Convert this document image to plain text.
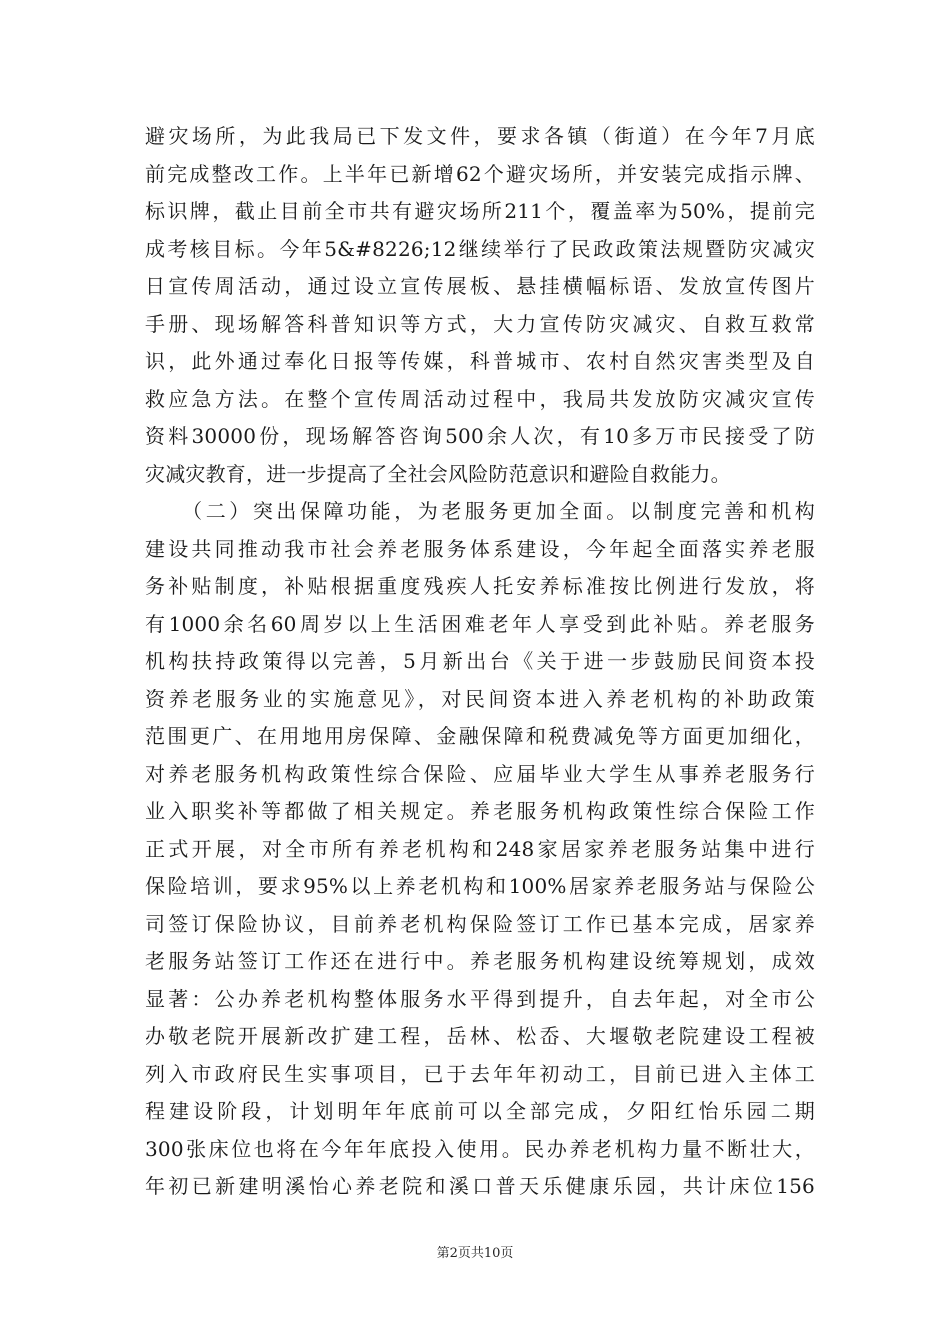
避灾场所，为此我局已下发文件，要求各镇（街道）在今年7月底
前完成整改工作。上半年已新增62个避灾场所，并安装完成指示牌、
标识牌，截止目前全市共有避灾场所211个，覆盖率为50%，提前完
成考核目标。今年5&#8226;12继续举行了民政政策法规暨防灾减灾
日宣传周活动，通过设立宣传展板、悬挂横幅标语、发放宣传图片
手册、现场解答科普知识等方式，大力宣传防灾减灾、自救互救常
识，此外通过奉化日报等传媒，科普城市、农村自然灾害类型及自
救应急方法。在整个宣传周活动过程中，我局共发放防灾减灾宣传
资料30000份，现场解答咨询500余人次，有10多万市民接受了防
灾减灾教育，进一步提高了全社会风险防范意识和避险自救能力。
　　（二）突出保障功能，为老服务更加全面。以制度完善和机构
建设共同推动我市社会养老服务体系建设，今年起全面落实养老服
务补贴制度，补贴根据重度残疾人托安养标准按比例进行发放，将
有1000余名60周岁以上生活困难老年人享受到此补贴。养老服务
机构扶持政策得以完善，5月新出台《关于进一步鼓励民间资本投
资养老服务业的实施意见》，对民间资本进入养老机构的补助政策
范围更广、在用地用房保障、金融保障和税费减免等方面更加细化，
对养老服务机构政策性综合保险、应届毕业大学生从事养老服务行
业入职奖补等都做了相关规定。养老服务机构政策性综合保险工作
正式开展，对全市所有养老机构和248家居家养老服务站集中进行
保险培训，要求95%以上养老机构和100%居家养老服务站与保险公
司签订保险协议，目前养老机构保险签订工作已基本完成，居家养
老服务站签订工作还在进行中。养老服务机构建设统筹规划，成效
显著：公办养老机构整体服务水平得到提升，自去年起，对全市公
办敬老院开展新改扩建工程，岳林、松岙、大堰敬老院建设工程被
列入市政府民生实事项目，已于去年年初动工，目前已进入主体工
程建设阶段，计划明年年底前可以全部完成，夕阳红怡乐园二期
300张床位也将在今年年底投入使用。民办养老机构力量不断壮大，
年初已新建明溪怡心养老院和溪口普天乐健康乐园，共计床位156
第2页共10页
